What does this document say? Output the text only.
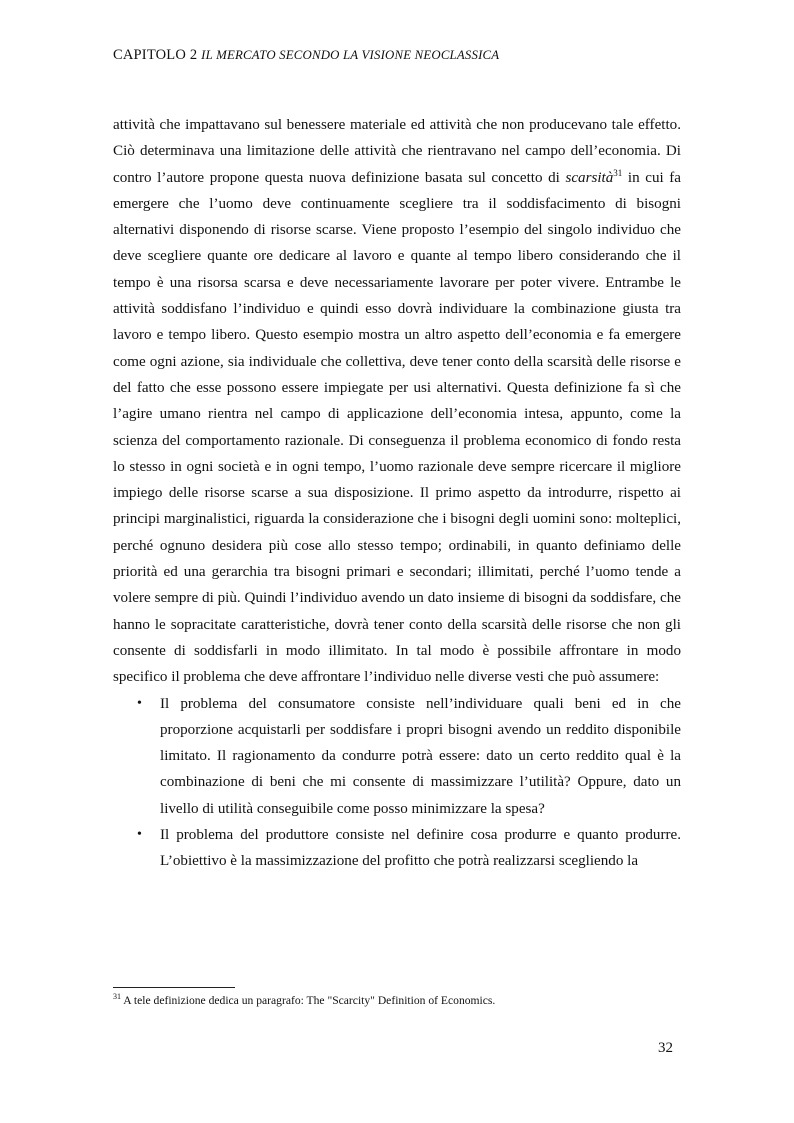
CAPITOLO 2 IL MERCATO SECONDO LA VISIONE NEOCLASSICA

attività che impattavano sul benessere materiale ed attività che non producevano tale effetto. Ciò determinava una limitazione delle attività che rientravano nel campo dell’economia. Di contro l’autore propone questa nuova definizione basata sul concetto di scarsità$^{31}$ in cui fa emergere che l’uomo deve continuamente scegliere tra il soddisfacimento di bisogni alternativi disponendo di risorse scarse. Viene proposto l’esempio del singolo individuo che deve scegliere quante ore dedicare al lavoro e quante al tempo libero considerando che il tempo è una risorsa scarsa e deve necessariamente lavorare per poter vivere. Entrambe le attività soddisfano l’individuo e quindi esso dovrà individuare la combinazione giusta tra lavoro e tempo libero. Questo esempio mostra un altro aspetto dell’economia e fa emergere come ogni azione, sia individuale che collettiva, deve tener conto della scarsità delle risorse e del fatto che esse possono essere impiegate per usi alternativi. Questa definizione fa sì che l’agire umano rientra nel campo di applicazione dell’economia intesa, appunto, come la scienza del comportamento razionale. Di conseguenza il problema economico di fondo resta lo stesso in ogni società e in ogni tempo, l’uomo razionale deve sempre ricercare il migliore impiego delle risorse scarse a sua disposizione. Il primo aspetto da introdurre, rispetto ai principi marginalistici, riguarda la considerazione che i bisogni degli uomini sono: molteplici, perché ognuno desidera più cose allo stesso tempo; ordinabili, in quanto definiamo delle priorità ed una gerarchia tra bisogni primari e secondari; illimitati, perché l’uomo tende a volere sempre di più. Quindi l’individuo avendo un dato insieme di bisogni da soddisfare, che hanno le sopracitate caratteristiche, dovrà tener conto della scarsità delle risorse che non gli consente di soddisfarli in modo illimitato. In tal modo è possibile affrontare in modo specifico il problema che deve affrontare l’individuo nelle diverse vesti che può assumere:

• Il problema del consumatore consiste nell’individuare quali beni ed in che proporzione acquistarli per soddisfare i propri bisogni avendo un reddito disponibile limitato. Il ragionamento da condurre potrà essere: dato un certo reddito qual è la combinazione di beni che mi consente di massimizzare l’utilità? Oppure, dato un livello di utilità conseguibile come posso minimizzare la spesa?
• Il problema del produttore consiste nel definire cosa produrre e quanto produrre. L’obiettivo è la massimizzazione del profitto che potrà realizzarsi scegliendo la
$^{31}$ A tele definizione dedica un paragrafo: The "Scarcity" Definition of Economics.
32
